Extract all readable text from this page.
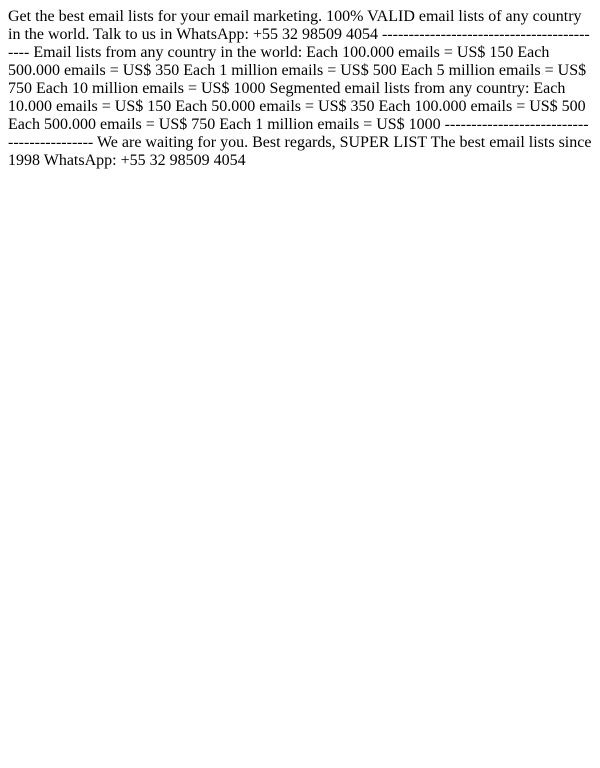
Get the best email lists for your email marketing. 100% VALID email lists of any country in the world. Talk to us in WhatsApp: +55 32 98509 4054 ------------------------------------------- Email lists from any country in the world: Each 100.000 emails = US$ 150 Each 500.000 emails = US$ 350 Each 1 million emails = US$ 500 Each 5 million emails = US$ 750 Each 10 million emails = US$ 1000 Segmented email lists from any country: Each 10.000 emails = US$ 150 Each 50.000 emails = US$ 350 Each 100.000 emails = US$ 500 Each 500.000 emails = US$ 750 Each 1 million emails = US$ 1000 ------------------------------------------- We are waiting for you. Best regards, SUPER LIST The best email lists since 1998 WhatsApp: +55 32 98509 4054
